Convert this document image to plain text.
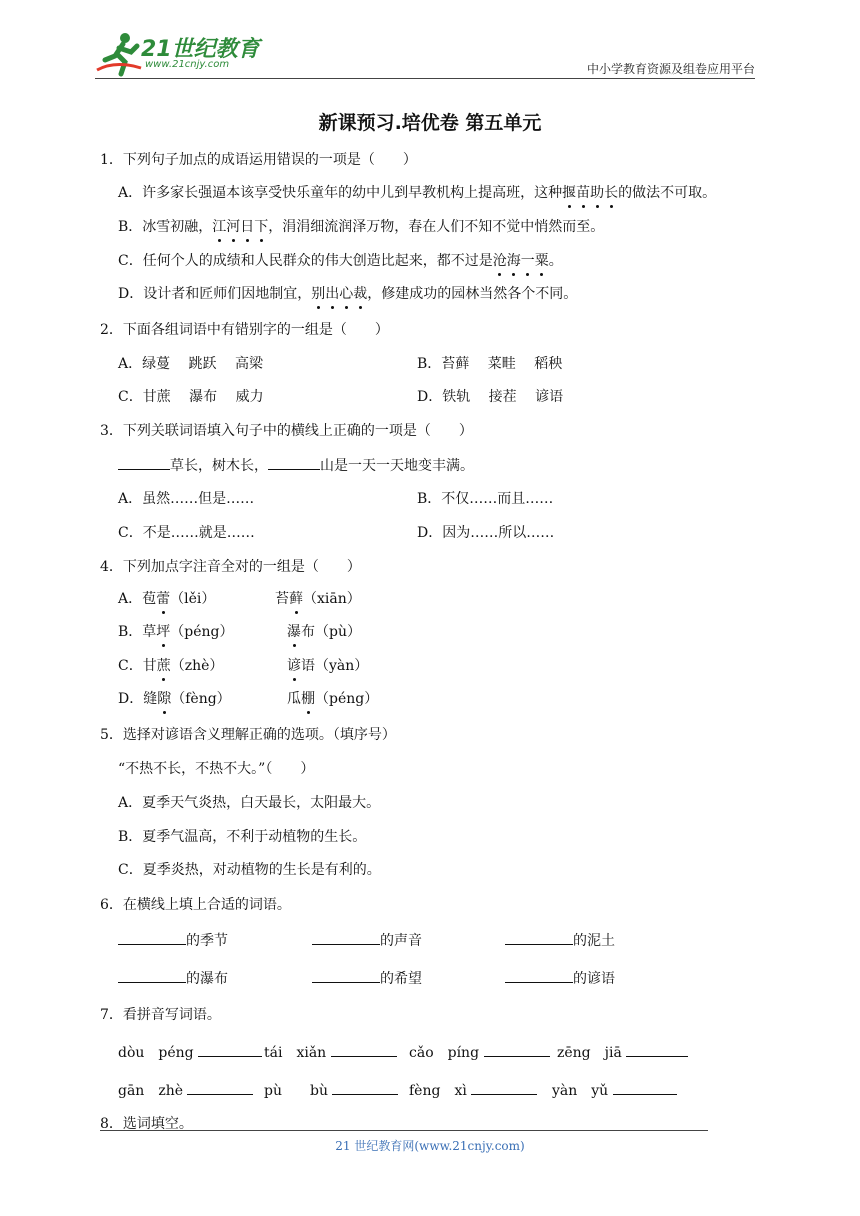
21世纪教育
www.21cnjy.com	中小学教育资源及组卷应用平台
新课预习.培优卷 第五单元
1．下列句子加点的成语运用错误的一项是（　　）
A．许多家长强逼本该享受快乐童年的幼中儿到早教机构上提高班，这种揠苗助长的做法不可取。
B．冰雪初融，江河日下，涓涓细流润泽万物，春在人们不知不觉中悄然而至。
C．任何个人的成绩和人民群众的伟大创造比起来，都不过是沧海一粟。
D．设计者和匠师们因地制宜，别出心裁，修建成功的园林当然各个不同。
2．下面各组词语中有错别字的一组是（　　）
A．绿蔓　 跳跃　 高梁	B．苔藓　 菜畦　 稻秧
C．甘蔗　 瀑布　 威力	D．铁轨　 接茬　 谚语
3．下列关联词语填入句子中的横线上正确的一项是（　　）
草长，树木长，	山是一天一天地变丰满。
A．虽然……但是……	B．不仅……而且……
C．不是……就是……	D．因为……所以……
4．下列加点字注音全对的一组是（　　）
A．苞蕾（lěi）	苔藓（xiān）
B．草坪（péng）	瀑布（pù）
C．甘蔗（zhè）	谚语（yàn）
D．缝隙（fèng）	瓜棚（péng）
5．选择对谚语含义理解正确的选项。（填序号）
“不热不长，不热不大。”（　　）
A．夏季天气炎热，白天最长，太阳最大。
B．夏季气温高，不利于动植物的生长。
C．夏季炎热，对动植物的生长是有利的。
6．在横线上填上合适的词语。
的季节	的声音	的泥土
的瀑布	的希望	的谚语
7．看拼音写词语。
dòu　péng	tái　xiǎn	cǎo　píng	zēng　jiā
gān　zhè	pù　　bù	fèng　xì	yàn　yǔ
8．选词填空。
21 世纪教育网(www.21cnjy.com)
